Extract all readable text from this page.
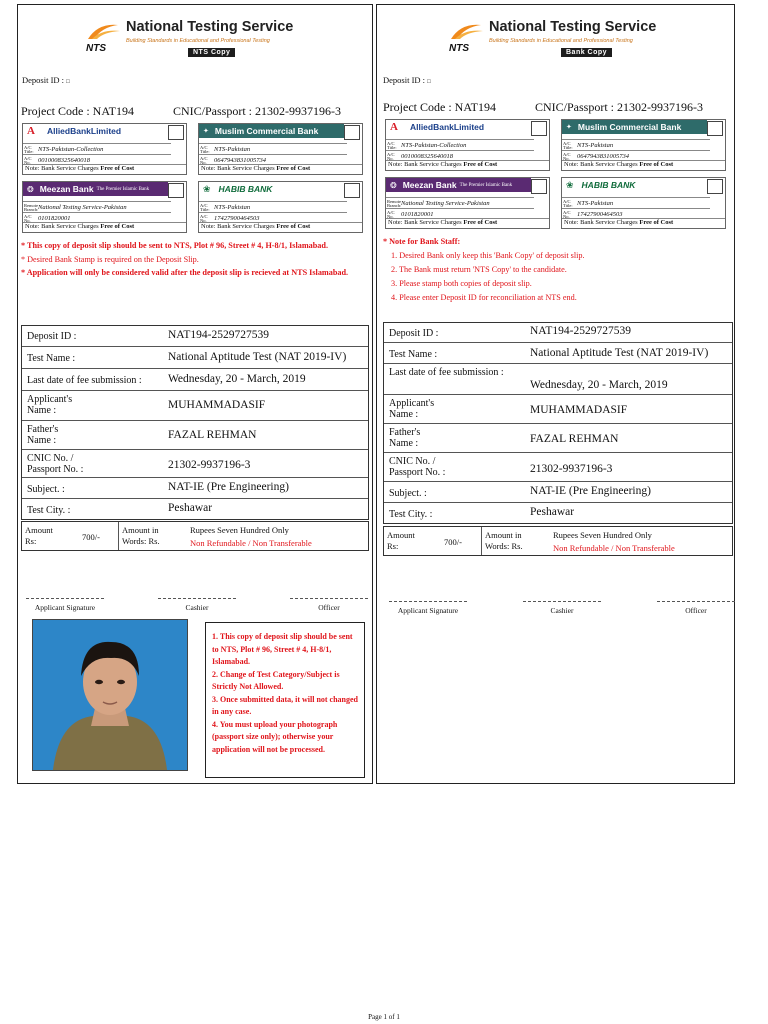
NTS
National Testing Service
Building Standards in Educational and Professional Testing
NTS Copy
Deposit ID : □
Project Code : NAT194	CNIC/Passport : 21302-9937196-3
A AlliedBankLimited
A/C Title: NTS-Pakistan-Collection
A/C No.	0010008325640018
Note: Bank Service Charges Free of Cost
✦ Muslim Commercial Bank
A/C Title: NTS-Pakistan
A/C No.	0647943831005734
Note: Bank Service Charges Free of Cost
❂ Meezan Bank The Premier Islamic Bank
Remote Branch: National Testing Service-Pakistan
A/C No.	0101820001
Note: Bank Service Charges Free of Cost
❀ HABIB BANK
A/C Title: NTS-Pakistan
A/C No.	17427900464503
Note: Bank Service Charges Free of Cost
* This copy of deposit slip should be sent to NTS, Plot # 96, Street # 4, H-8/1, Islamabad.
* Desired Bank Stamp is required on the Deposit Slip.
* Application will only be considered valid after the deposit slip is recieved at NTS Islamabad.
Deposit ID :	NAT194-2529727539
Test Name :	National Aptitude Test (NAT 2019-IV)
Last date of fee submission : Wednesday, 20 - March, 2019
Applicant's
Name :	MUHAMMADASIF
Father's
Name :	FAZAL REHMAN
CNIC No. /
Passport No. :	21302-9937196-3
Subject. :	NAT-IE (Pre Engineering)
Test City. :	Peshawar
Amount
Rs:	700/-
Amount in
Words: Rs.
Rupees Seven Hundred Only
Non Refundable / Non Transferable
Applicant Signature	Cashier	Officer
1. This copy of deposit slip should be sent to NTS, Plot # 96, Street # 4, H-8/1, Islamabad.
2. Change of Test Category/Subject is Strictly Not Allowed.
3. Once submitted data, it will not changed in any case.
4. You must upload your photograph (passport size only); otherwise your application will not be processed.
NTS
National Testing Service
Building Standards in Educational and Professional Testing
Bank Copy
Deposit ID : □
Project Code : NAT194	CNIC/Passport : 21302-9937196-3
A AlliedBankLimited
A/C Title: NTS-Pakistan-Collection
A/C No.	0010008325640018
Note: Bank Service Charges Free of Cost
✦ Muslim Commercial Bank
A/C Title: NTS-Pakistan
A/C No.	0647943831005734
Note: Bank Service Charges Free of Cost
❂ Meezan Bank The Premier Islamic Bank
Remote Branch: National Testing Service-Pakistan
A/C No.	0101820001
Note: Bank Service Charges Free of Cost
❀ HABIB BANK
A/C Title: NTS-Pakistan
A/C No.	17427900464503
Note: Bank Service Charges Free of Cost
* Note for Bank Staff:
1. Desired Bank only keep this 'Bank Copy' of deposit slip.
2. The Bank must return 'NTS Copy' to the candidate.
3. Please stamp both copies of deposit slip.
4. Please enter Deposit ID for reconciliation at NTS end.
Deposit ID :	NAT194-2529727539
Test Name :	National Aptitude Test (NAT 2019-IV)
Last date of fee submission :
Wednesday, 20 - March, 2019
Applicant's
Name :	MUHAMMADASIF
Father's
Name :	FAZAL REHMAN
CNIC No. /
Passport No. :	21302-9937196-3
Subject. :	NAT-IE (Pre Engineering)
Test City. :	Peshawar
Amount
Rs:	700/-
Amount in
Words: Rs.
Rupees Seven Hundred Only
Non Refundable / Non Transferable
Applicant Signature	Cashier	Officer
Page 1 of 1
